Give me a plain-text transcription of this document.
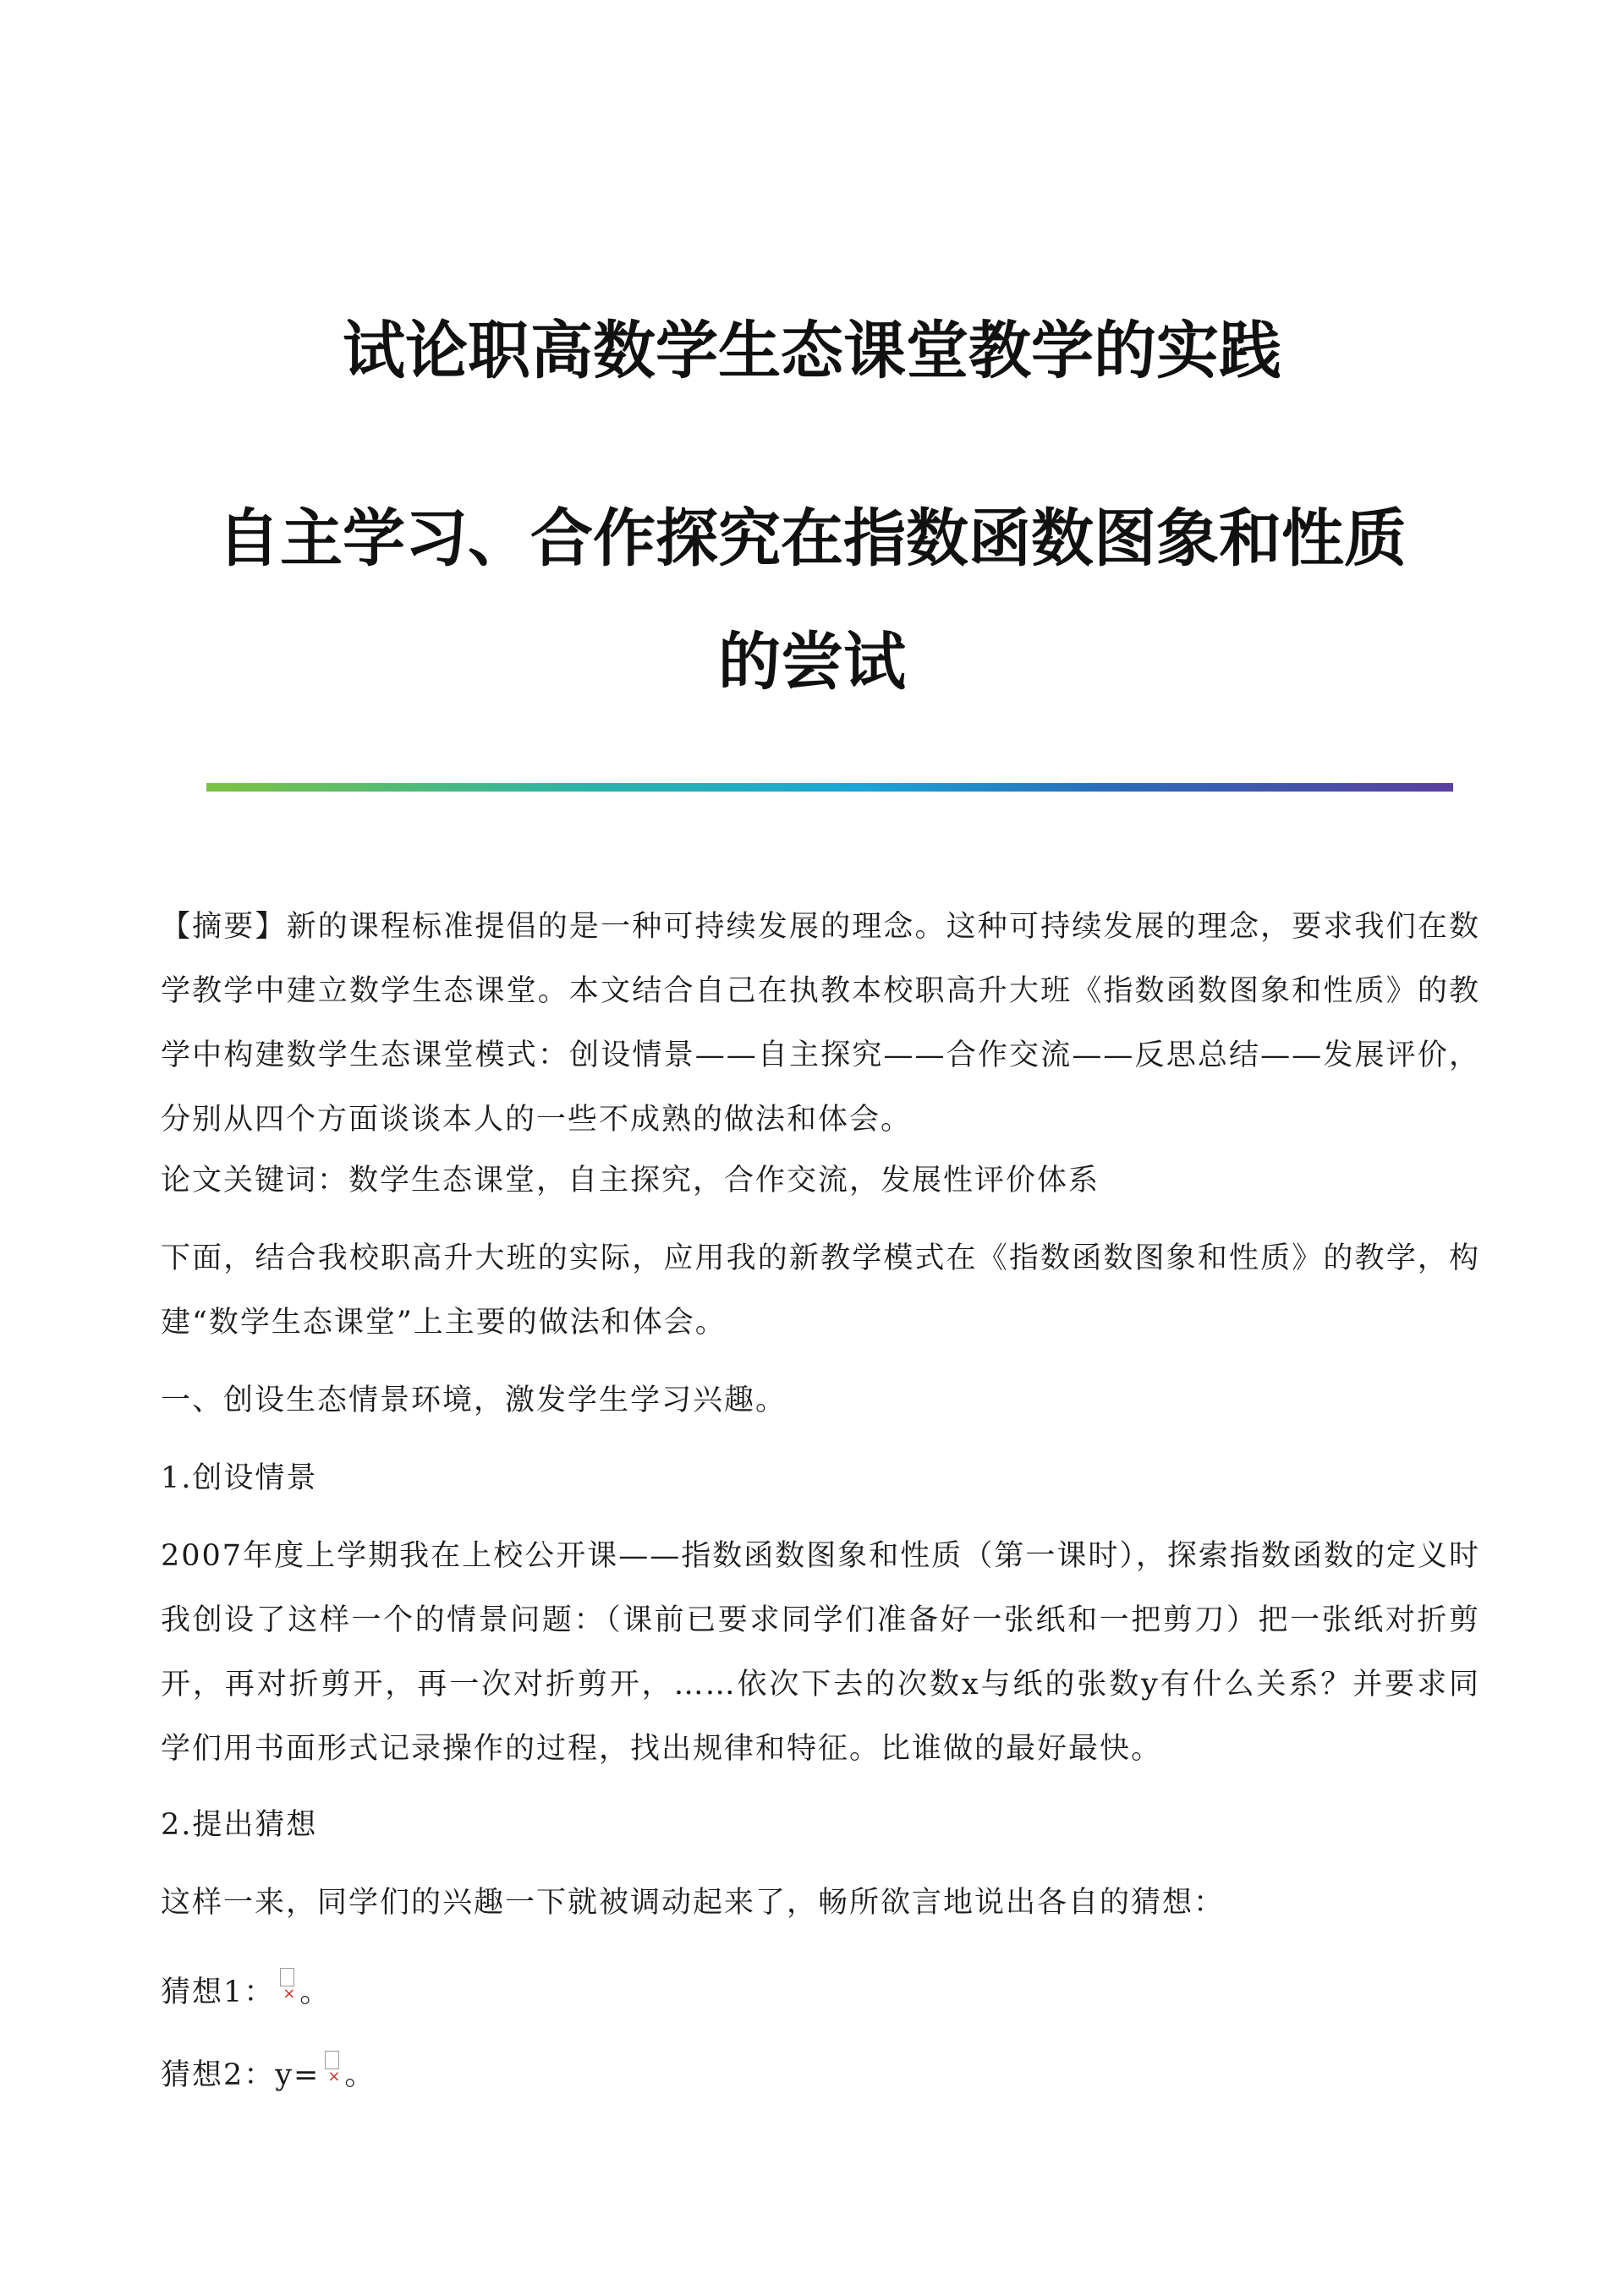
试论职高数学生态课堂教学的实践
自主学习、合作探究在指数函数图象和性质
的尝试
【摘要】新的课程标准提倡的是一种可持续发展的理念。这种可持续发展的理念，要求我们在数学教学中建立数学生态课堂。本文结合自己在执教本校职高升大班《指数函数图象和性质》的教学中构建数学生态课堂模式：创设情景——自主探究——合作交流——反思总结——发展评价，分别从四个方面谈谈本人的一些不成熟的做法和体会。
论文关键词：数学生态课堂，自主探究，合作交流，发展性评价体系
下面，结合我校职高升大班的实际，应用我的新教学模式在《指数函数图象和性质》的教学，构建“数学生态课堂”上主要的做法和体会。
一、创设生态情景环境，激发学生学习兴趣。
1.创设情景
2007年度上学期我在上校公开课——指数函数图象和性质（第一课时），探索指数函数的定义时我创设了这样一个的情景问题：（课前已要求同学们准备好一张纸和一把剪刀）把一张纸对折剪开，再对折剪开，再一次对折剪开，……依次下去的次数x与纸的张数y有什么关系？并要求同学们用书面形式记录操作的过程，找出规律和特征。比谁做的最好最快。
2.提出猜想
这样一来，同学们的兴趣一下就被调动起来了，畅所欲言地说出各自的猜想：
猜想1： × 。
猜想2：y= × 。
